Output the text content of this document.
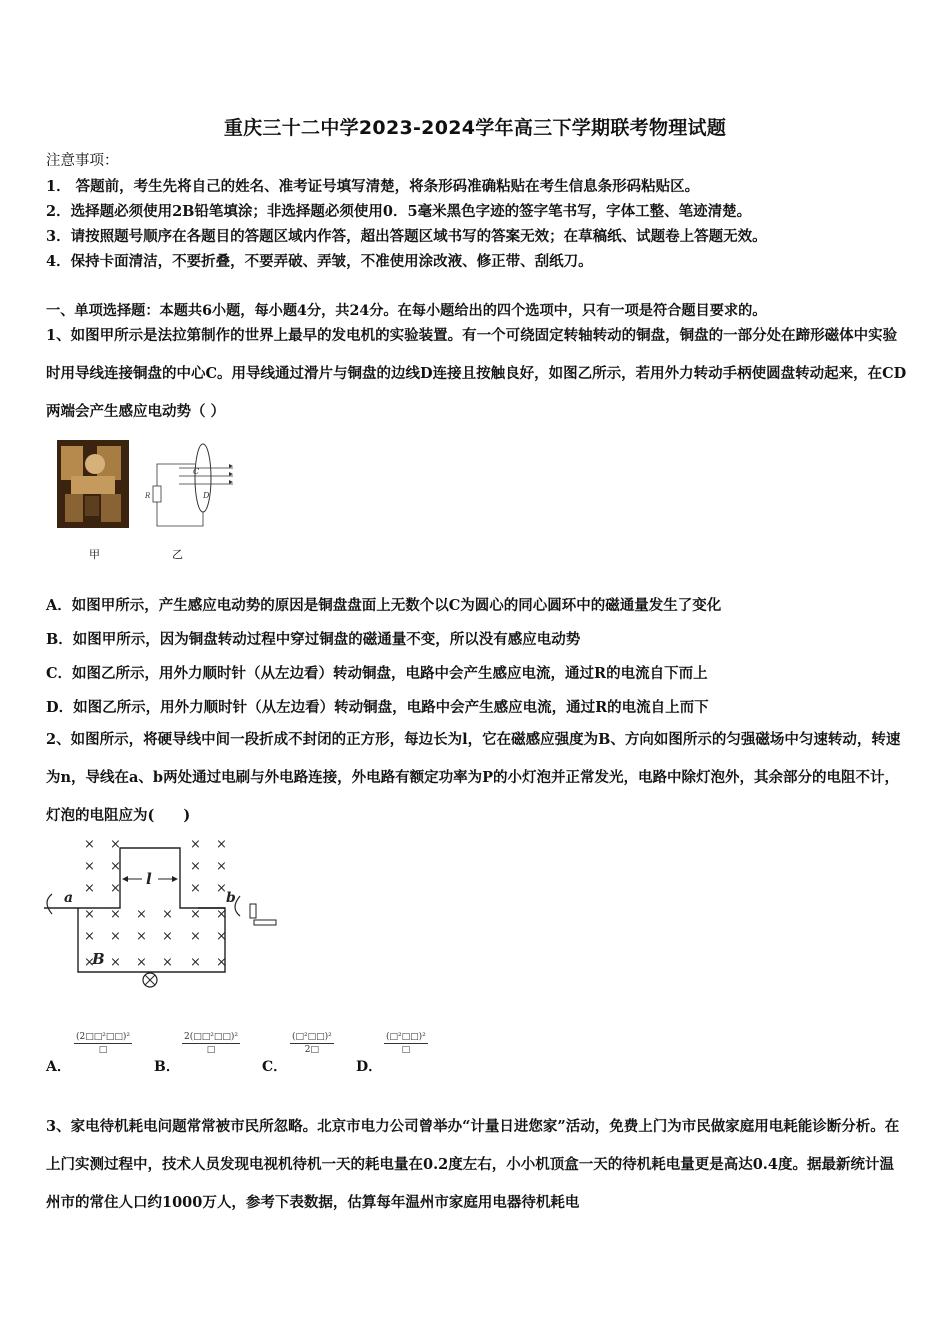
重庆三十二中学2023-2024学年高三下学期联考物理试题
注意事项：
1． 答题前，考生先将自己的姓名、准考证号填写清楚，将条形码准确粘贴在考生信息条形码粘贴区。
2．选择题必须使用2B铅笔填涂；非选择题必须使用0．5毫米黑色字迹的签字笔书写，字体工整、笔迹清楚。
3．请按照题号顺序在各题目的答题区域内作答，超出答题区域书写的答案无效；在草稿纸、试题卷上答题无效。
4．保持卡面清洁，不要折叠，不要弄破、弄皱，不准使用涂改液、修正带、刮纸刀。
一、单项选择题：本题共6小题，每小题4分，共24分。在每小题给出的四个选项中，只有一项是符合题目要求的。
1、如图甲所示是法拉第制作的世界上最早的发电机的实验装置。有一个可绕固定转轴转动的铜盘，铜盘的一部分处在蹄形磁体中实验时用导线连接铜盘的中心C。用导线通过滑片与铜盘的边线D连接且按触良好，如图乙所示，若用外力转动手柄使圆盘转动起来，在CD两端会产生感应电动势（ ）
C
D
R
甲	乙
A．如图甲所示，产生感应电动势的原因是铜盘盘面上无数个以C为圆心的同心圆环中的磁通量发生了变化
B．如图甲所示，因为铜盘转动过程中穿过铜盘的磁通量不变，所以没有感应电动势
C．如图乙所示，用外力顺时针（从左边看）转动铜盘，电路中会产生感应电流，通过R的电流自下而上
D．如图乙所示，用外力顺时针（从左边看）转动铜盘，电路中会产生感应电流，通过R的电流自上而下
2、如图所示，将硬导线中间一段折成不封闭的正方形，每边长为l，它在磁感应强度为B、方向如图所示的匀强磁场中匀速转动，转速为n，导线在a、b两处通过电刷与外电路连接，外电路有额定功率为P的小灯泡并正常发光，电路中除灯泡外，其余部分的电阻不计，灯泡的电阻应为(　　)
× ×	× ×
× ×	× ×
× ×	× ×
× × × × × ×
× × × × × ×
× × × × × ×
a	b
l
B
A．
(2□□²□□)²
□
B．
2(□□²□□)²
□
C．
(□²□□)²
2□
D．
(□²□□)²
□
3、家电待机耗电问题常常被市民所忽略。北京市电力公司曾举办“计量日进您家”活动，免费上门为市民做家庭用电耗能诊断分析。在上门实测过程中，技术人员发现电视机待机一天的耗电量在0.2度左右，小小机顶盒一天的待机耗电量更是高达0.4度。据最新统计温州市的常住人口约1000万人，参考下表数据，估算每年温州市家庭用电器待机耗电
